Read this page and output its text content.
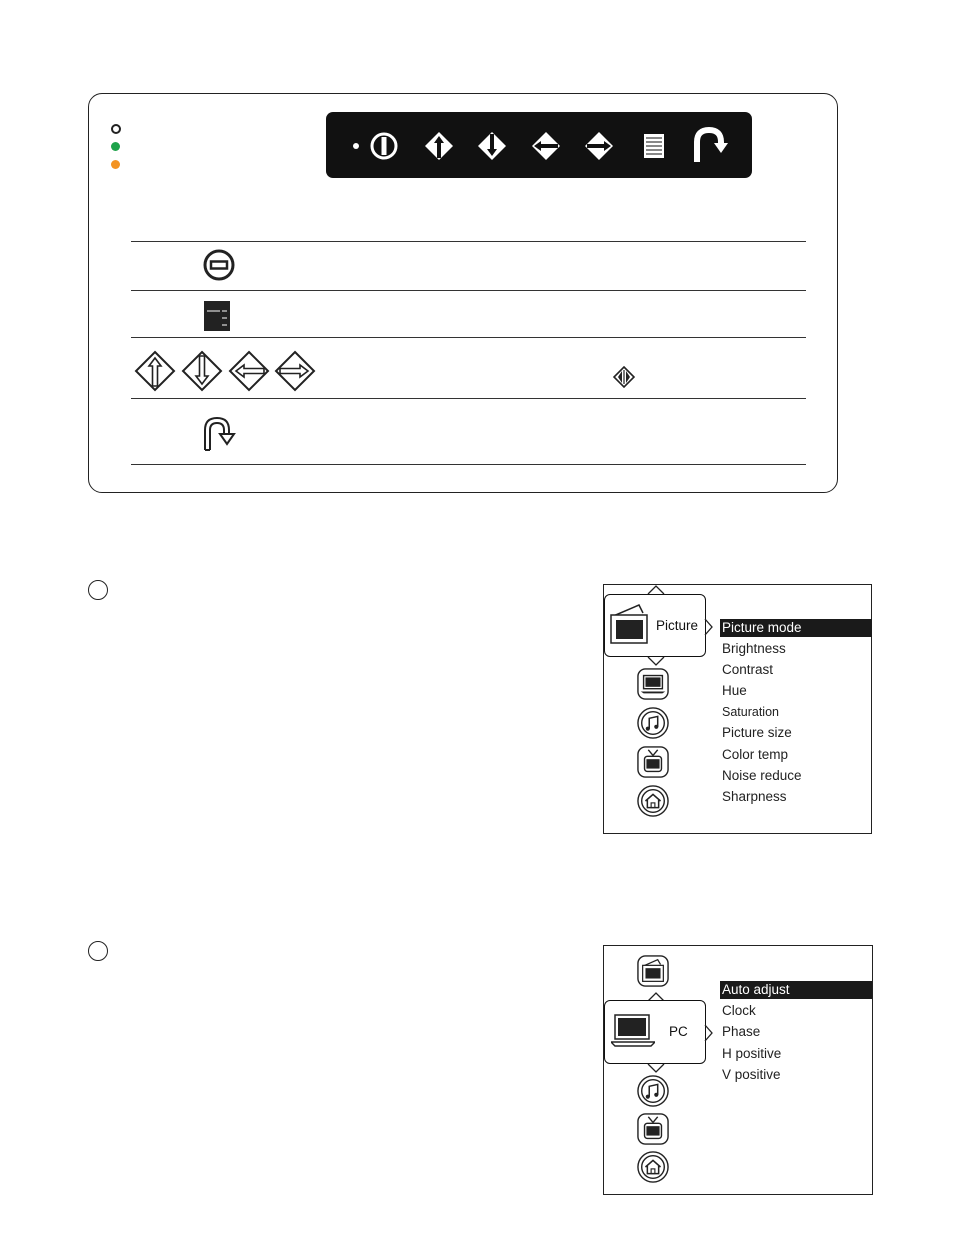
Picture Picture mode
Brightness
Contrast
Hue
Saturation
Picture size
Color temp
Noise reduce
Sharpness
PC
Auto adjust
Clock
Phase
H positive
V positive
